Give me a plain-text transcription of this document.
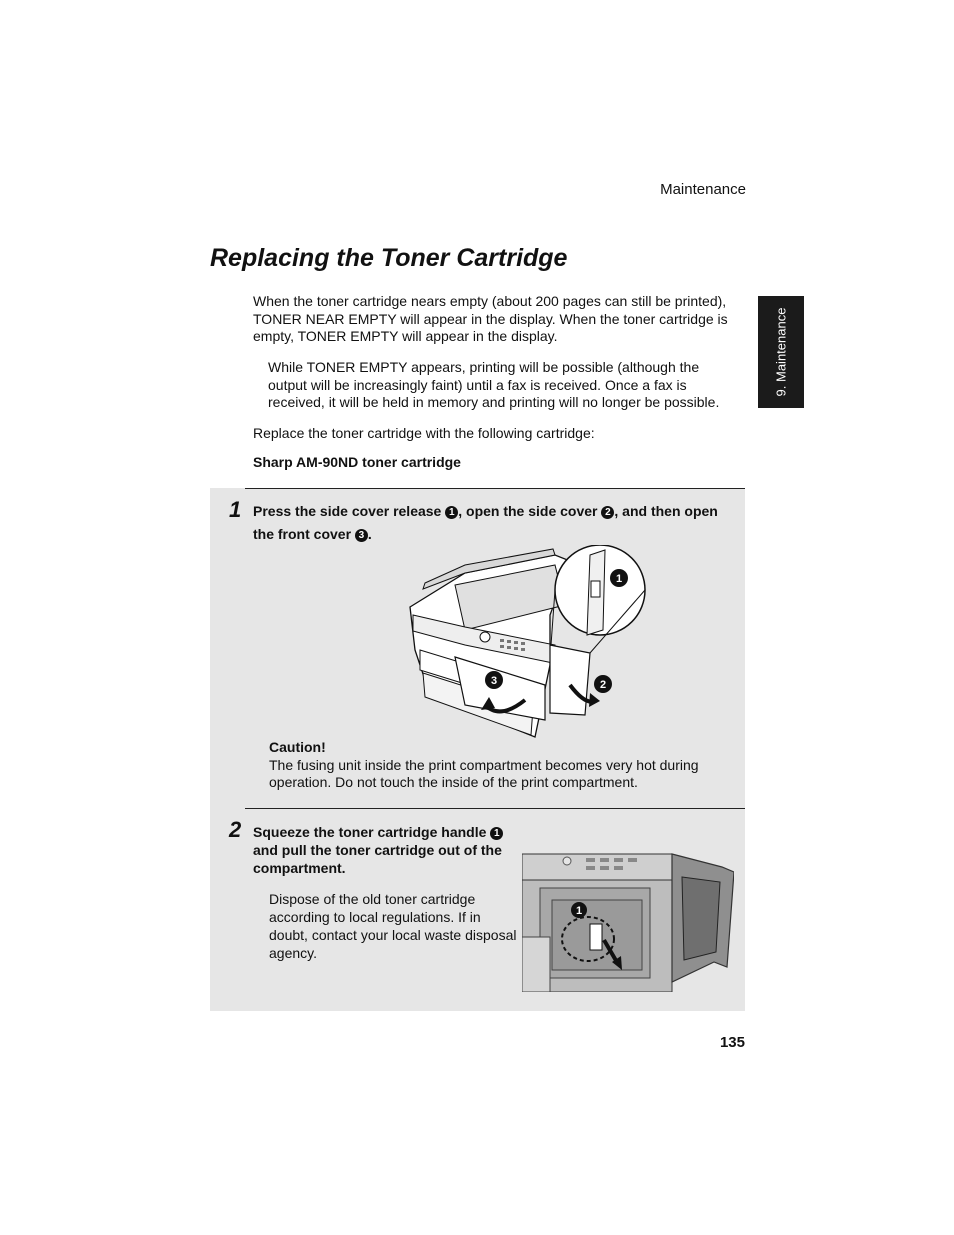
Maintenance
Replacing the Toner Cartridge
9. Maintenance
When the toner cartridge nears empty (about 200 pages can still be printed),
TONER NEAR EMPTY will appear in the display. When the toner cartridge is
empty, TONER EMPTY will appear in the display.
While TONER EMPTY appears, printing will be possible (although the
output will be increasingly faint) until a fax is received. Once a fax is
received, it will be held in memory and printing will no longer be possible.
Replace the toner cartridge with the following cartridge:
Sharp AM-90ND toner cartridge
1 Press the side cover release 1 , open the side cover 2 , and then open
the front cover 3 .
1
2
3
Caution!
The fusing unit inside the print compartment becomes very hot during
operation. Do not touch the inside of the print compartment.
2 Squeeze the toner cartridge handle 1
and pull the toner cartridge out of the
compartment.
Dispose of the old toner cartridge
according to local regulations. If in
doubt, contact your local waste disposal
agency.
1
135
